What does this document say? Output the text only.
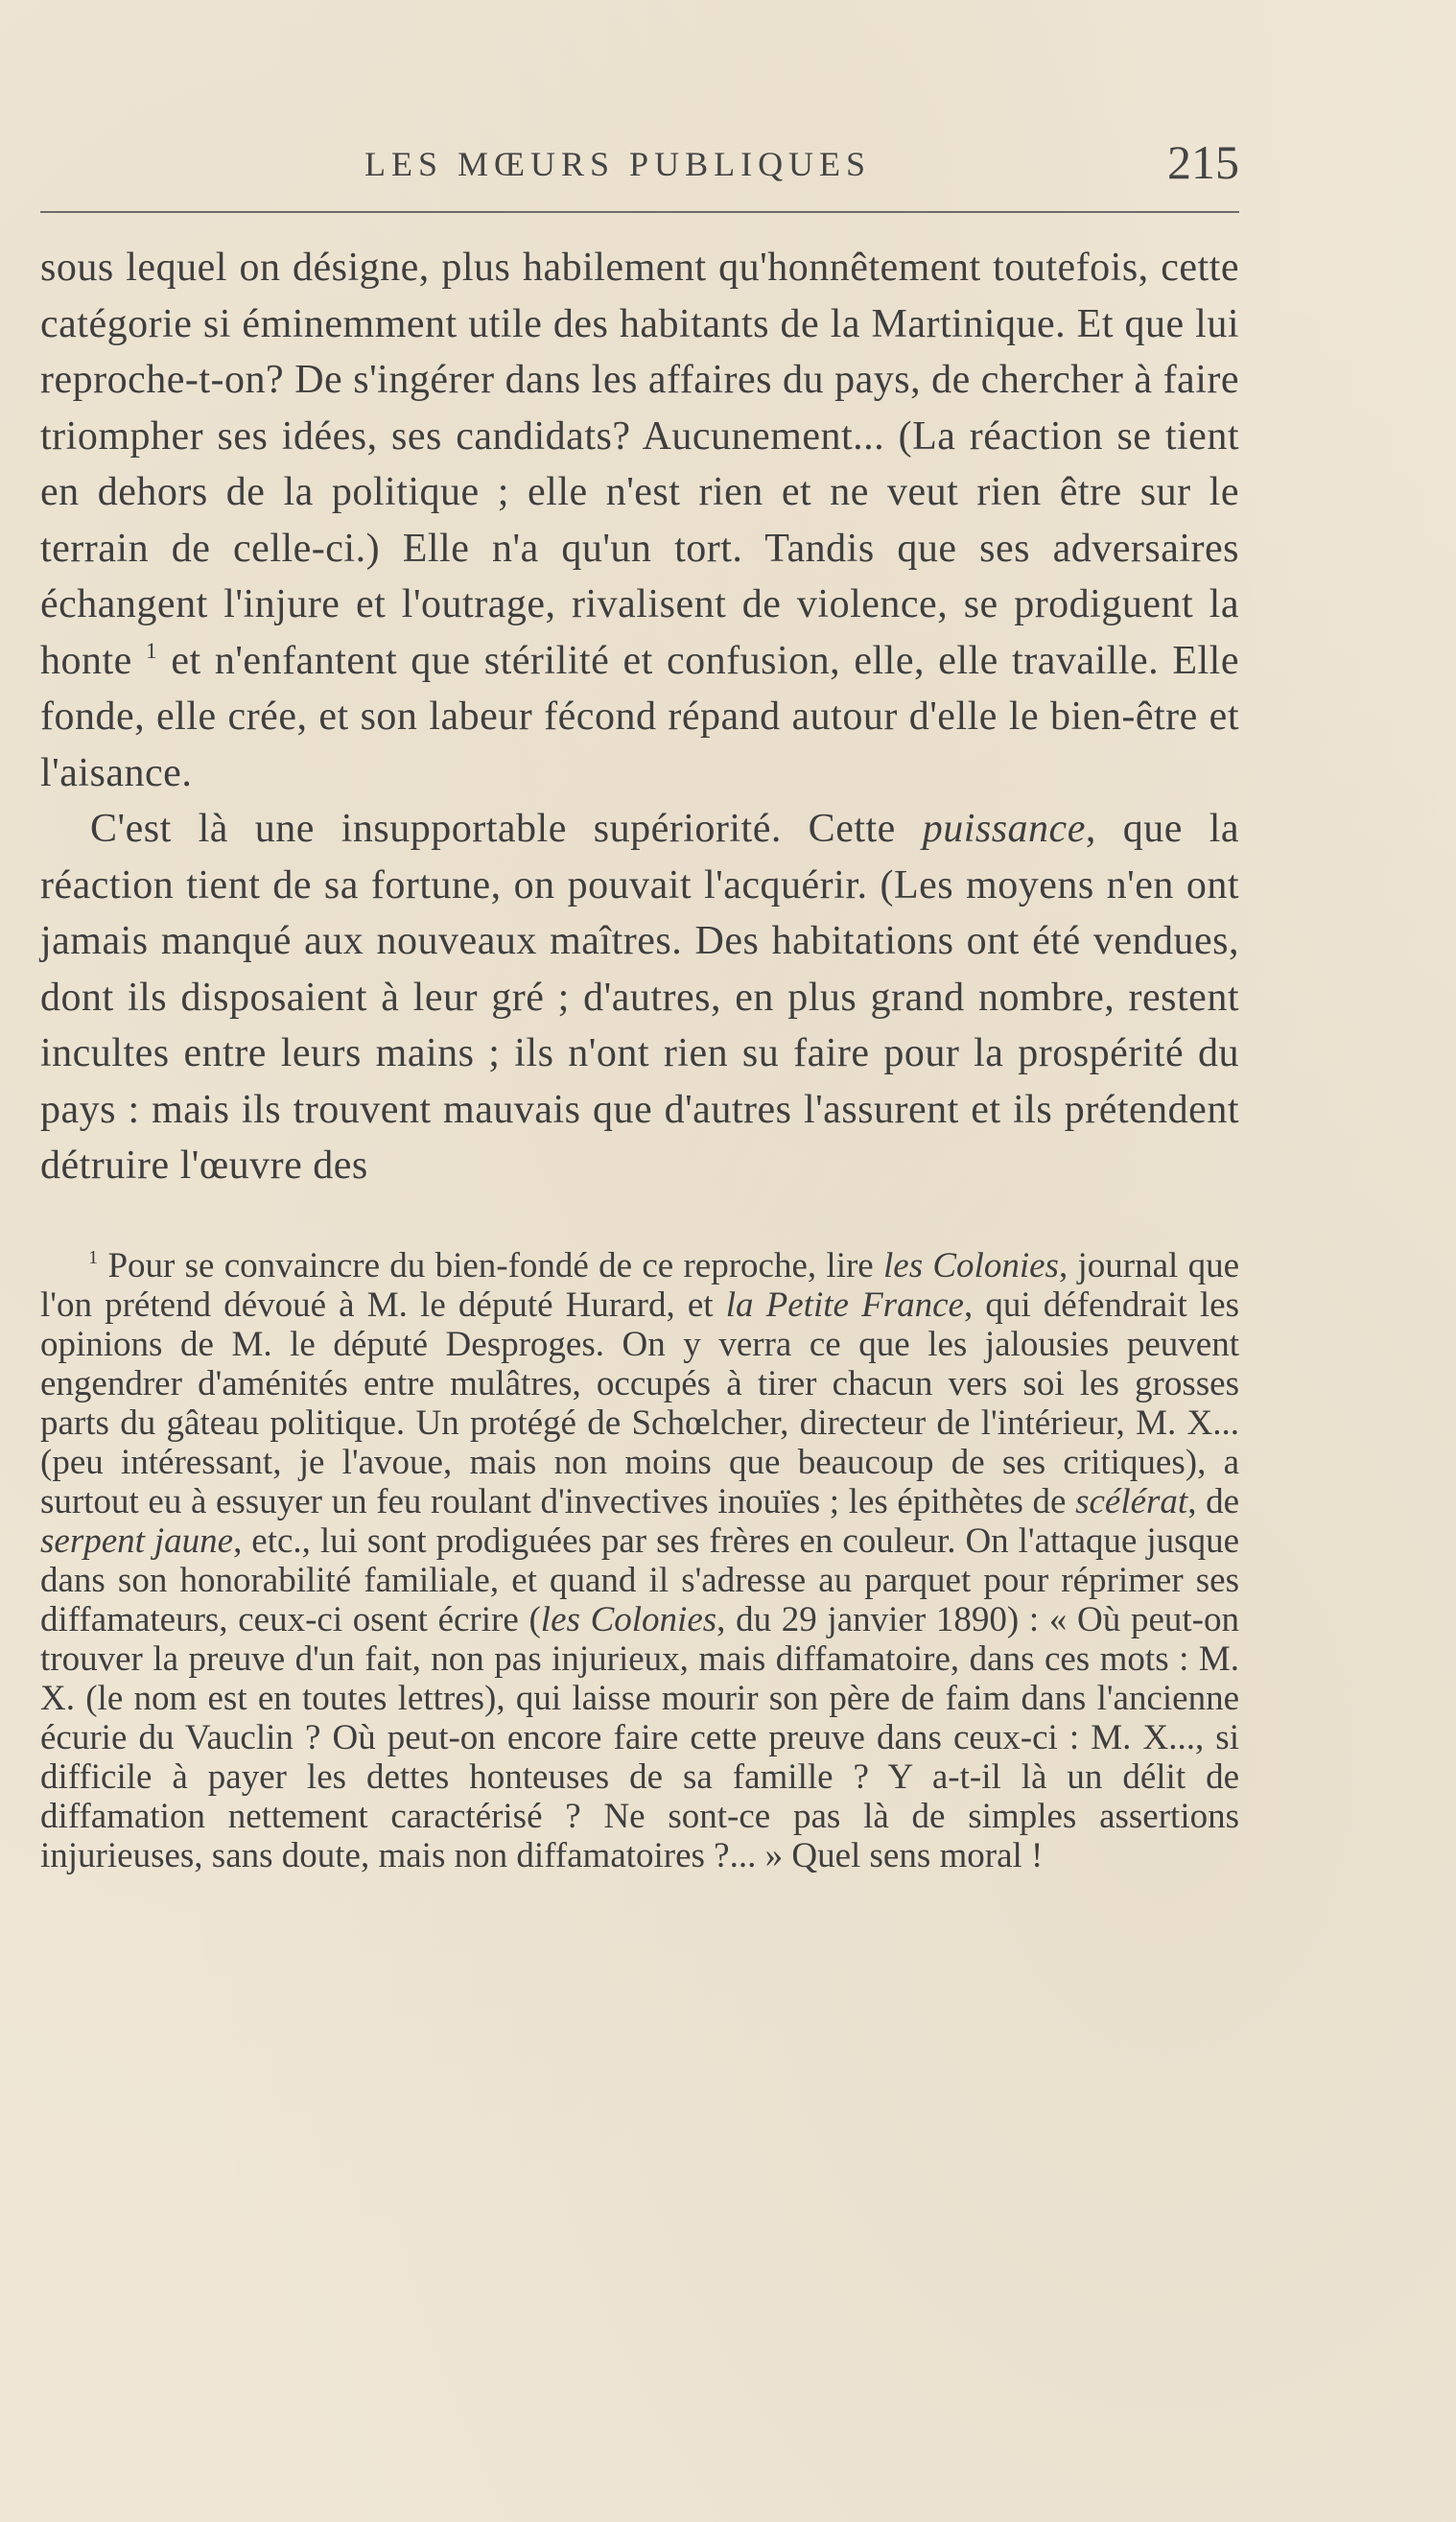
LES MŒURS PUBLIQUES	215

sous lequel on désigne, plus habilement qu'honnêtement toutefois, cette catégorie si éminemment utile des habitants de la Martinique. Et que lui reproche-t-on? De s'ingérer dans les affaires du pays, de chercher à faire triompher ses idées, ses candidats? Aucunement... (La réaction se tient en dehors de la politique ; elle n'est rien et ne veut rien être sur le terrain de celle-ci.) Elle n'a qu'un tort. Tandis que ses adversaires échangent l'injure et l'outrage, rivalisent de violence, se prodiguent la honte $^1$ et n'enfantent que stérilité et confusion, elle, elle travaille. Elle fonde, elle crée, et son labeur fécond répand autour d'elle le bien-être et l'aisance.

C'est là une insupportable supériorité. Cette puissance, que la réaction tient de sa fortune, on pouvait l'acquérir. (Les moyens n'en ont jamais manqué aux nouveaux maîtres. Des habitations ont été vendues, dont ils disposaient à leur gré ; d'autres, en plus grand nombre, restent incultes entre leurs mains ; ils n'ont rien su faire pour la prospérité du pays : mais ils trouvent mauvais que d'autres l'assurent et ils prétendent détruire l'œuvre des

$^1$ Pour se convaincre du bien-fondé de ce reproche, lire les Colonies, journal que l'on prétend dévoué à M. le député Hurard, et la Petite France, qui défendrait les opinions de M. le député Desproges. On y verra ce que les jalousies peuvent engendrer d'aménités entre mulâtres, occupés à tirer chacun vers soi les grosses parts du gâteau politique. Un protégé de Schœlcher, directeur de l'intérieur, M. X... (peu intéressant, je l'avoue, mais non moins que beaucoup de ses critiques), a surtout eu à essuyer un feu roulant d'invectives inouïes ; les épithètes de scélérat, de serpent jaune, etc., lui sont prodiguées par ses frères en couleur. On l'attaque jusque dans son honorabilité familiale, et quand il s'adresse au parquet pour réprimer ses diffamateurs, ceux-ci osent écrire (les Colonies, du 29 janvier 1890) : « Où peut-on trouver la preuve d'un fait, non pas injurieux, mais diffamatoire, dans ces mots : M. X. (le nom est en toutes lettres), qui laisse mourir son père de faim dans l'ancienne écurie du Vauclin ? Où peut-on encore faire cette preuve dans ceux-ci : M. X..., si difficile à payer les dettes honteuses de sa famille ? Y a-t-il là un délit de diffamation nettement caractérisé ? Ne sont-ce pas là de simples assertions injurieuses, sans doute, mais non diffamatoires ?... » Quel sens moral !
